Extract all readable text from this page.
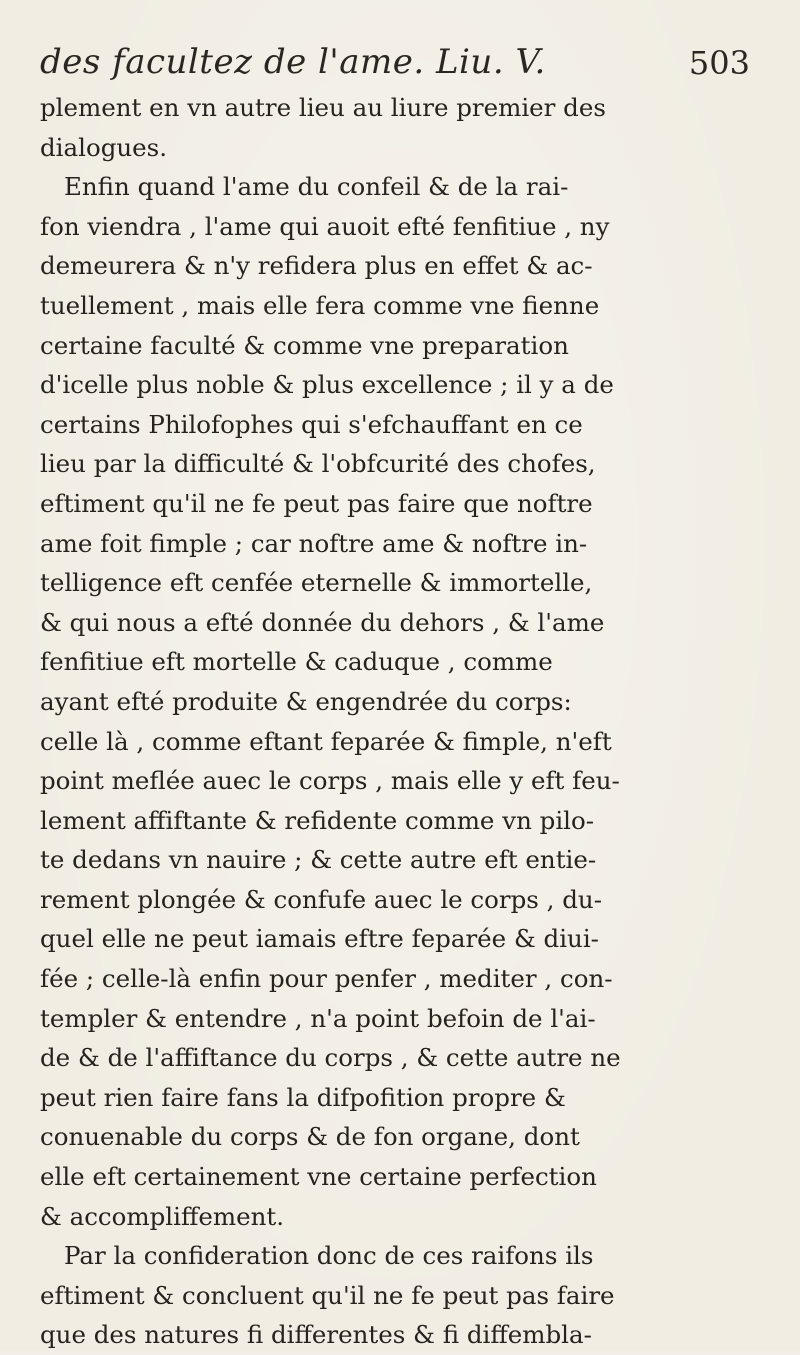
des facultez de l'ame. Liu. V.	503
plement en vn autre lieu au liure premier des
dialogues.
Enfin quand l'ame du confeil & de la rai-
fon viendra , l'ame qui auoit efté fenfitiue , ny
demeurera & n'y refidera plus en effet & ac-
tuellement , mais elle fera comme vne fienne
certaine faculté & comme vne preparation
d'icelle plus noble & plus excellence ; il y a de
certains Philofophes qui s'efchauffant en ce
lieu par la difficulté & l'obfcurité des chofes,
eftiment qu'il ne fe peut pas faire que noftre
ame foit fimple ; car noftre ame & noftre in-
telligence eft cenfée eternelle & immortelle,
& qui nous a efté donnée du dehors , & l'ame
fenfitiue eft mortelle & caduque , comme
ayant efté produite & engendrée du corps:
celle là , comme eftant feparée & fimple, n'eft
point meflée auec le corps , mais elle y eft feu-
lement affiftante & refidente comme vn pilo-
te dedans vn nauire ; & cette autre eft entie-
rement plongée & confufe auec le corps , du-
quel elle ne peut iamais eftre feparée & diui-
fée ; celle-là enfin pour penfer , mediter , con-
templer & entendre , n'a point befoin de l'ai-
de & de l'affiftance du corps , & cette autre ne
peut rien faire fans la difpofition propre &
conuenable du corps & de fon organe, dont
elle eft certainement vne certaine perfection
& accompliffement.
Par la confideration donc de ces raifons ils
eftiment & concluent qu'il ne fe peut pas faire
que des natures fi differentes & fi diffembla-
